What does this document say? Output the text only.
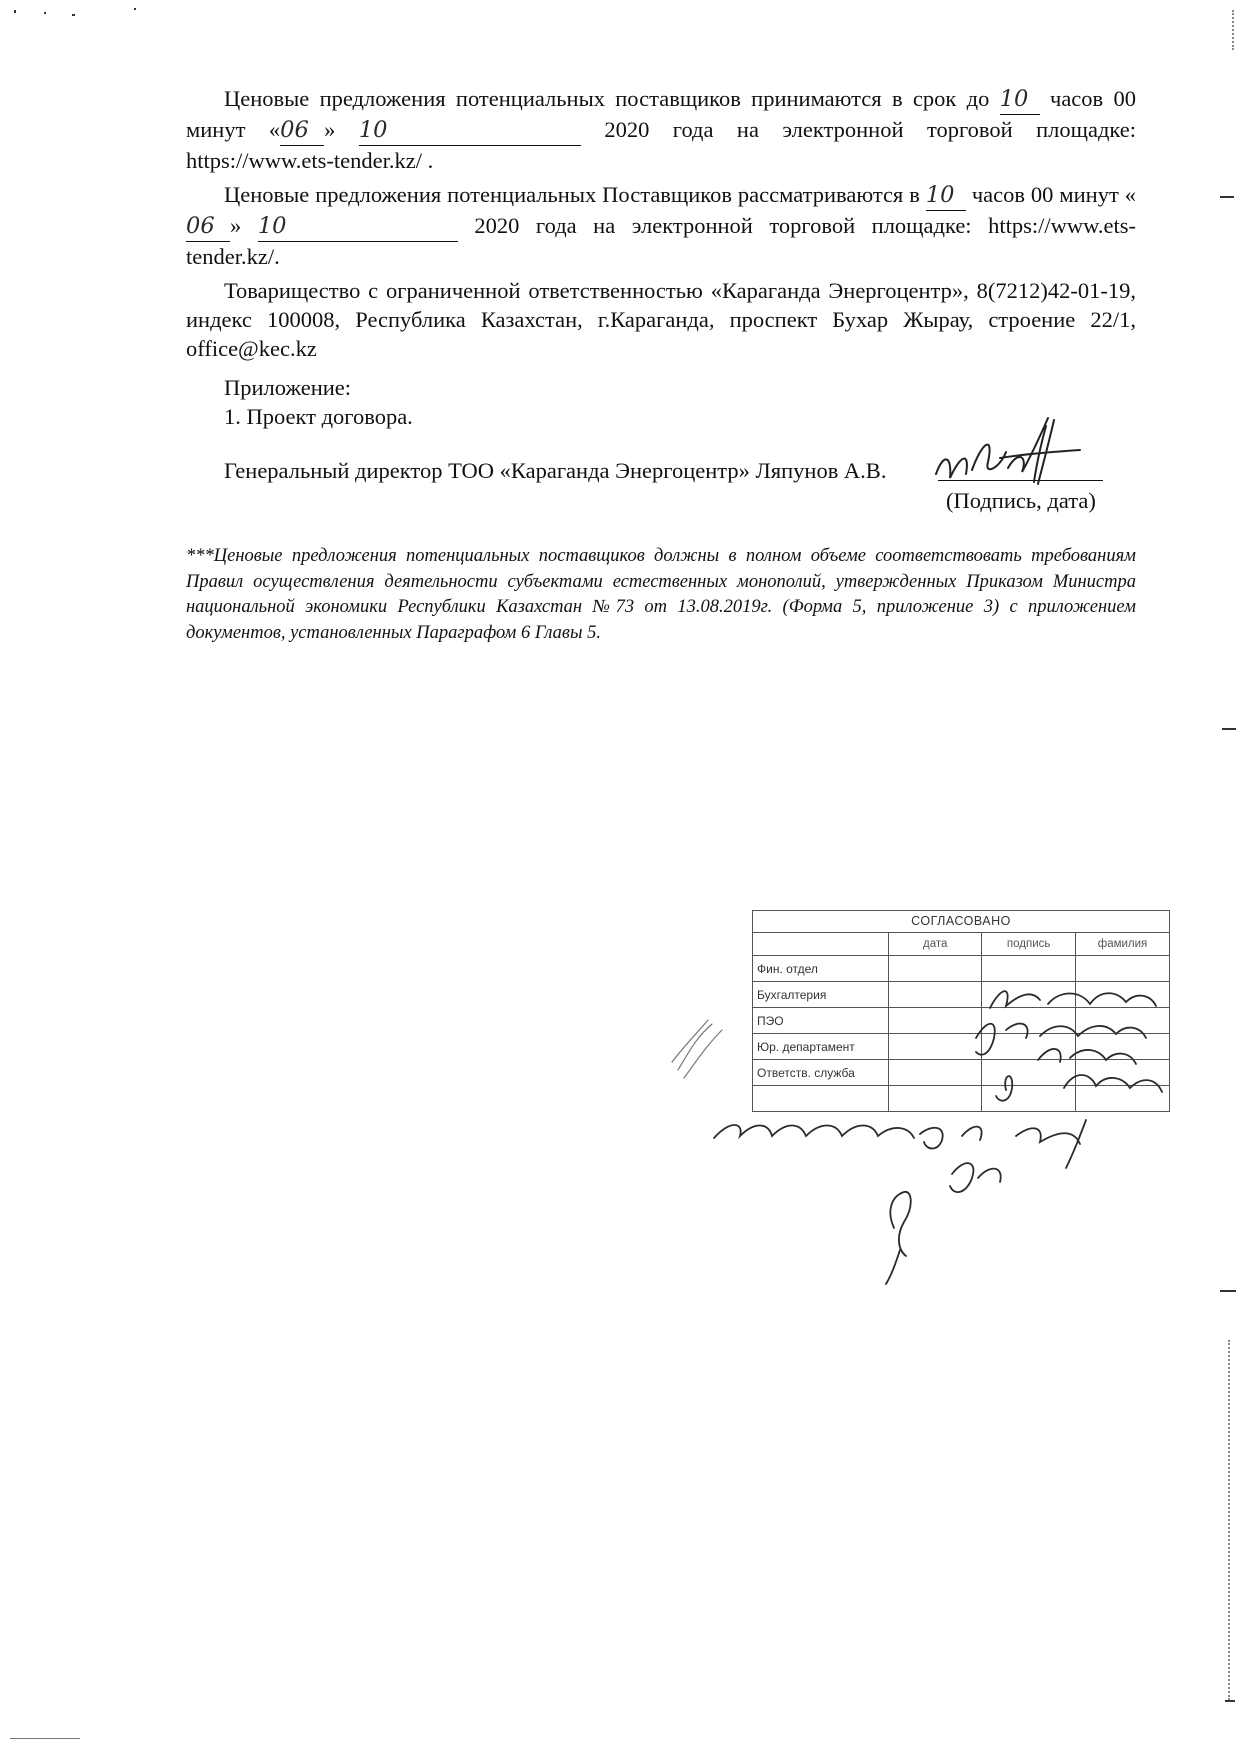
Ценовые предложения потенциальных поставщиков принимаются в срок до 10 часов 00 минут «06 » 10	2020 года на электронной торговой площадке: https://www.ets-tender.kz/ .

Ценовые предложения потенциальных Поставщиков рассматриваются в 10 часов 00 минут «06 » 10	2020 года на электронной торговой площадке: https://www.ets-tender.kz/.

Товарищество с ограниченной ответственностью «Караганда Энергоцентр», 8(7212)42-01-19, индекс 100008, Республика Казахстан, г.Караганда, проспект Бухар Жырау, строение 22/1, office@kec.kz

Приложение:
1. Проект договора.
Генеральный директор ТОО «Караганда Энергоцентр» Ляпунов А.В.
(Подпись, дата)
***Ценовые предложения потенциальных поставщиков должны в полном объеме соответствовать требованиям Правил осуществления деятельности субъектами естественных монополий, утвержденных Приказом Министра национальной экономики Республики Казахстан №73 от 13.08.2019г. (Форма 5, приложение 3) с приложением документов, установленных Параграфом 6 Главы 5.
СОГЛАСОВАНО
	дата	подпись	фамилия
Фин. отдел			
Бухгалтерия			
ПЭО			
Юр. департамент			
Ответств. служба			
